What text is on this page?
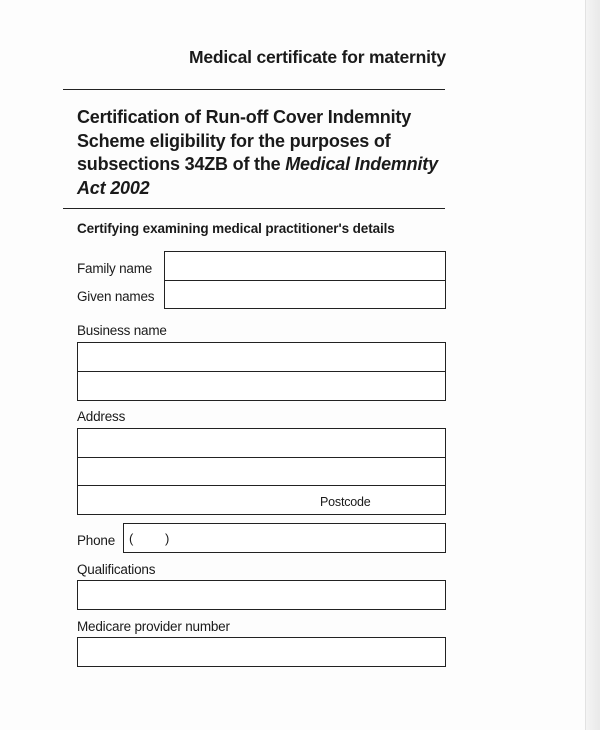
Medical certificate for maternity
Certification of Run-off Cover Indemnity
Scheme eligibility for the purposes of
subsections 34ZB of the Medical Indemnity
Act 2002
Certifying examining medical practitioner's details
Family name
Given names
Business name
Address
Postcode
Phone ( )
Qualifications
Medicare provider number
